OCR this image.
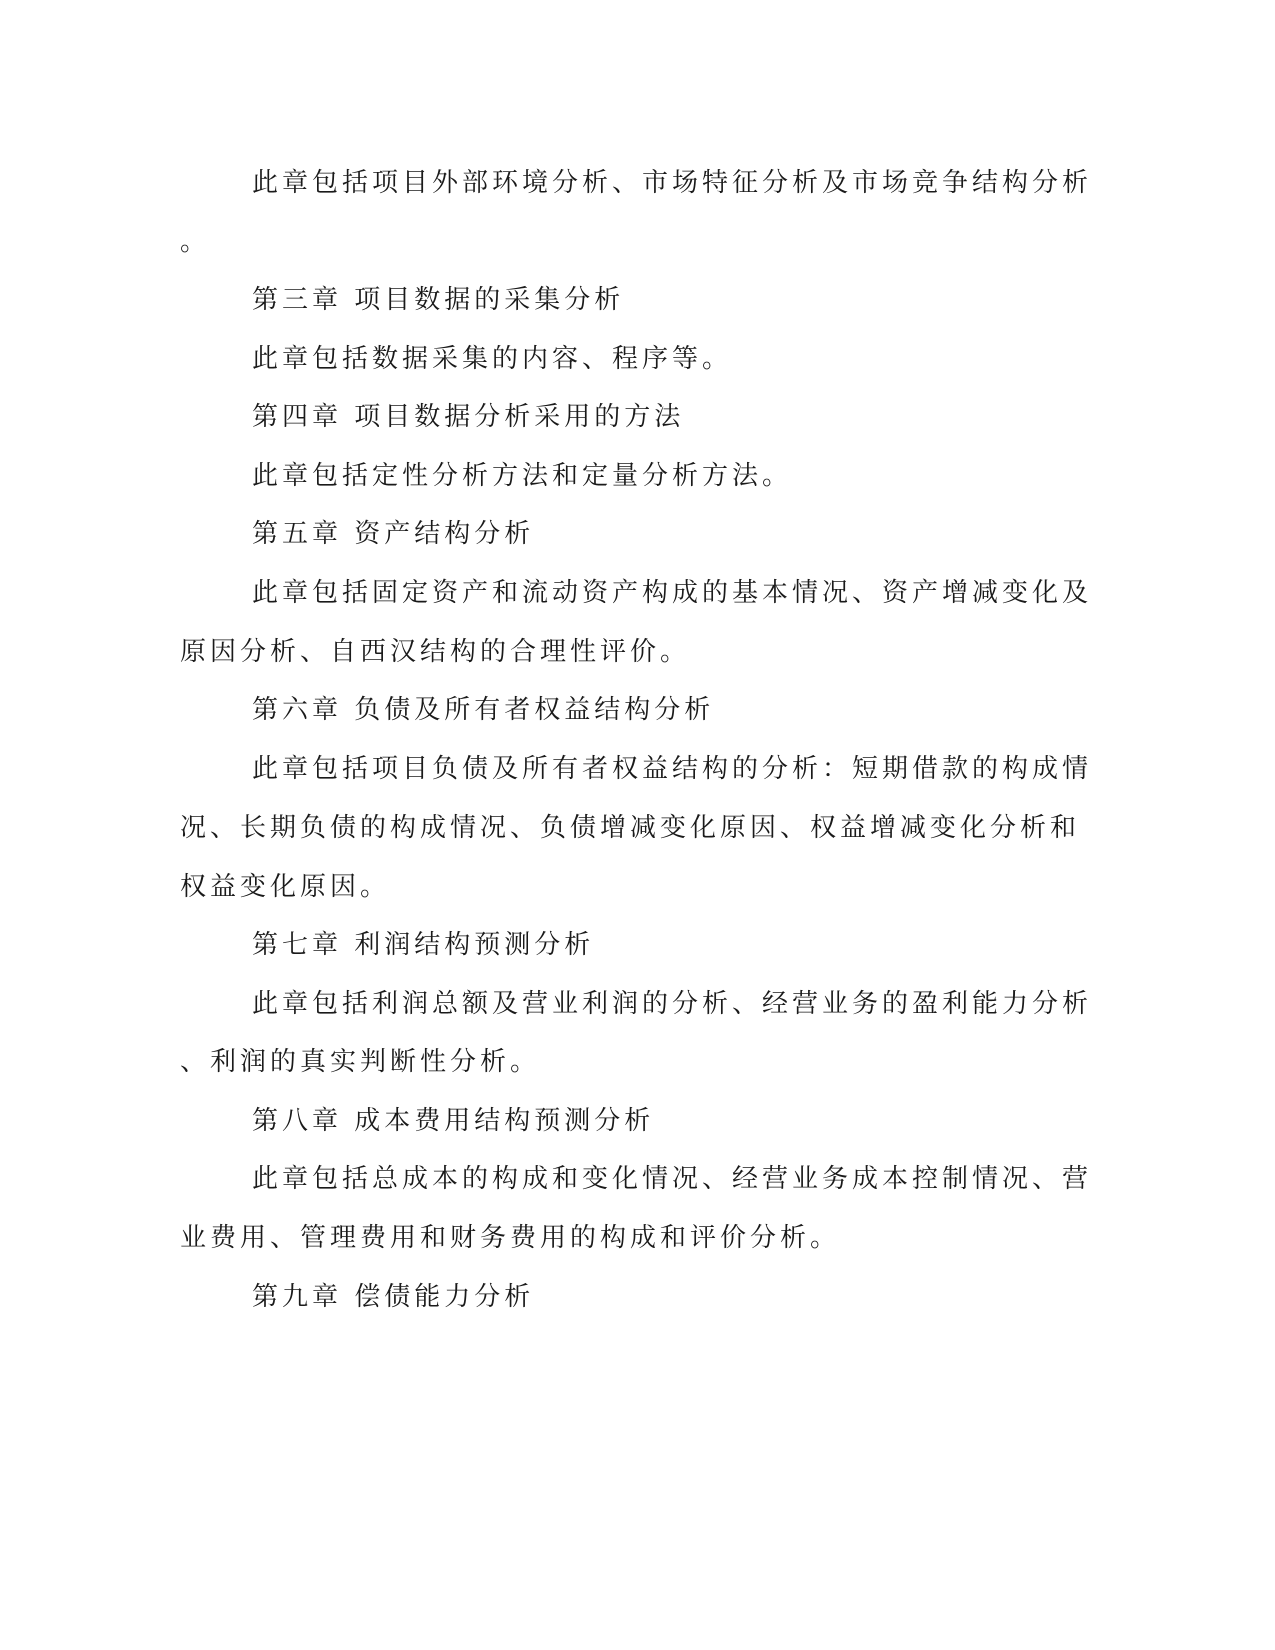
此章包括项目外部环境分析、市场特征分析及市场竞争结构分析

。

第三章 项目数据的采集分析

此章包括数据采集的内容、程序等。

第四章 项目数据分析采用的方法

此章包括定性分析方法和定量分析方法。

第五章 资产结构分析

此章包括固定资产和流动资产构成的基本情况、资产增减变化及

原因分析、自西汉结构的合理性评价。

第六章 负债及所有者权益结构分析

此章包括项目负债及所有者权益结构的分析：短期借款的构成情

况、长期负债的构成情况、负债增减变化原因、权益增减变化分析和

权益变化原因。

第七章 利润结构预测分析

此章包括利润总额及营业利润的分析、经营业务的盈利能力分析

、利润的真实判断性分析。

第八章 成本费用结构预测分析

此章包括总成本的构成和变化情况、经营业务成本控制情况、营

业费用、管理费用和财务费用的构成和评价分析。

第九章 偿债能力分析
